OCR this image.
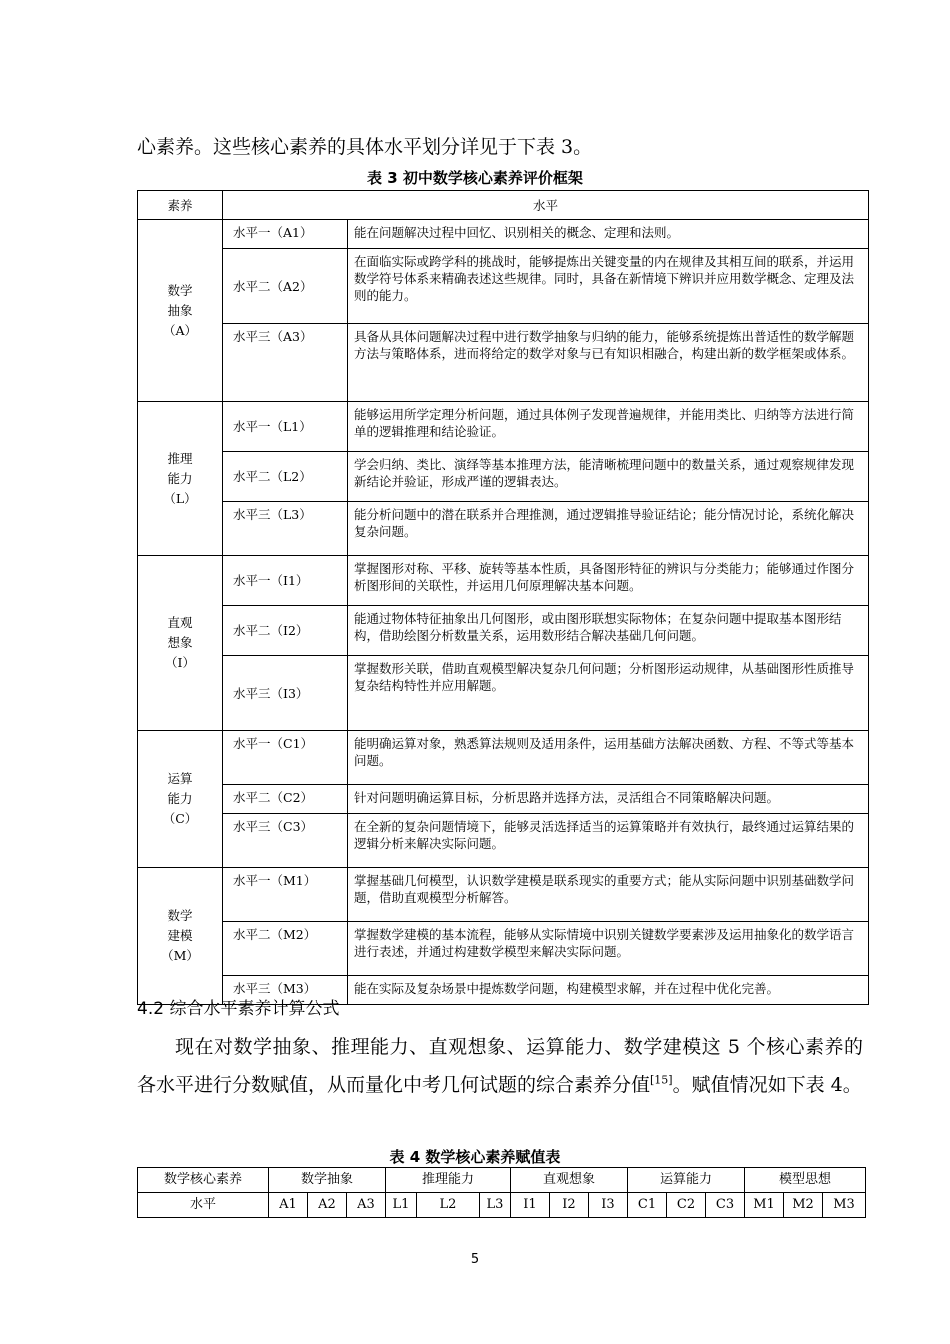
心素养。这些核心素养的具体水平划分详见于下表 3。
表 3 初中数学核心素养评价框架
素养	水平	

数学
抽象
（A）	水平一（A1）	能在问题解决过程中回忆、识别相关的概念、定理和法则。
	水平二（A2）	在面临实际或跨学科的挑战时，能够提炼出关键变量的内在规律及其相互间的联系，并运用数学符号体系来精确表述这些规律。同时，具备在新情境下辨识并应用数学概念、定理及法则的能力。
	水平三（A3）	具备从具体问题解决过程中进行数学抽象与归纳的能力，能够系统提炼出普适性的数学解题方法与策略体系，进而将给定的数学对象与已有知识相融合，构建出新的数学框架或体系。

推理
能力
（L）	水平一（L1）	能够运用所学定理分析问题，通过具体例子发现普遍规律，并能用类比、归纳等方法进行简单的逻辑推理和结论验证。
	水平二（L2）	学会归纳、类比、演绎等基本推理方法，能清晰梳理问题中的数量关系，通过观察规律发现新结论并验证，形成严谨的逻辑表达。
	水平三（L3）	能分析问题中的潜在联系并合理推测，通过逻辑推导验证结论；能分情况讨论，系统化解决复杂问题。

直观
想象
（I）	水平一（I1）	掌握图形对称、平移、旋转等基本性质，具备图形特征的辨识与分类能力；能够通过作图分析图形间的关联性，并运用几何原理解决基本问题。
	水平二（I2）	能通过物体特征抽象出几何图形，或由图形联想实际物体；在复杂问题中提取基本图形结构，借助绘图分析数量关系，运用数形结合解决基础几何问题。
	水平三（I3）	掌握数形关联，借助直观模型解决复杂几何问题；分析图形运动规律，从基础图形性质推导复杂结构特性并应用解题。

运算
能力
（C）	水平一（C1）	能明确运算对象，熟悉算法规则及适用条件，运用基础方法解决函数、方程、不等式等基本问题。
	水平二（C2）	针对问题明确运算目标，分析思路并选择方法，灵活组合不同策略解决问题。
	水平三（C3）	在全新的复杂问题情境下，能够灵活选择适当的运算策略并有效执行，最终通过运算结果的逻辑分析来解决实际问题。

数学
建模
（M）	水平一（M1）	掌握基础几何模型，认识数学建模是联系现实的重要方式；能从实际问题中识别基础数学问题，借助直观模型分析解答。
	水平二（M2）	掌握数学建模的基本流程，能够从实际情境中识别关键数学要素涉及运用抽象化的数学语言进行表述，并通过构建数学模型来解决实际问题。
	水平三（M3）	能在实际及复杂场景中提炼数学问题，构建模型求解，并在过程中优化完善。
4.2 综合水平素养计算公式
现在对数学抽象、推理能力、直观想象、运算能力、数学建模这 5 个核心素养的各水平进行分数赋值，从而量化中考几何试题的综合素养分值[15]。赋值情况如下表 4。
表 4 数学核心素养赋值表
数学核心素养	数学抽象			推理能力			直观想象			运算能力			模型思想		
水平	A1	A2	A3	L1	L2	L3	I1	I2	I3	C1	C2	C3	M1	M2	M3
5
